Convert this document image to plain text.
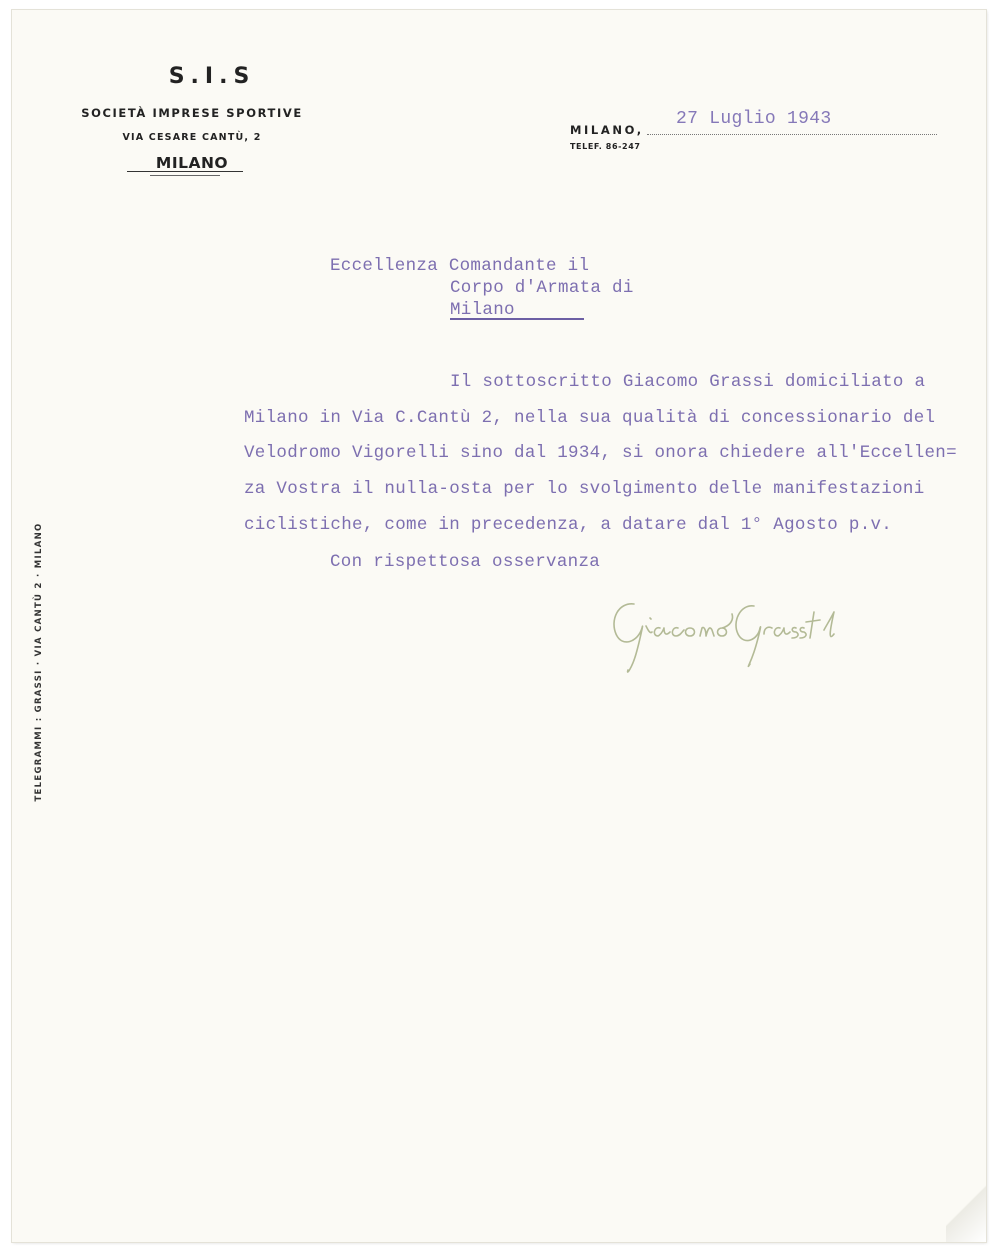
S.I.S
SOCIETÀ IMPRESE SPORTIVE
VIA CESARE CANTÙ, 2
MILANO
MILANO,
TELEF. 86-247
27 Luglio 1943
TELEGRAMMI : GRASSI · VIA CANTÙ 2 · MILANO
Eccellenza Comandante il
Corpo d'Armata di
Milano
Il sottoscritto Giacomo Grassi domiciliato a
Milano in Via C.Cantù 2, nella sua qualità di concessionario del
Velodromo Vigorelli sino dal 1934, si onora chiedere all'Eccellen=
za Vostra il nulla-osta per lo svolgimento delle manifestazioni
ciclistiche, come in precedenza, a datare dal 1° Agosto p.v.
Con rispettosa osservanza
